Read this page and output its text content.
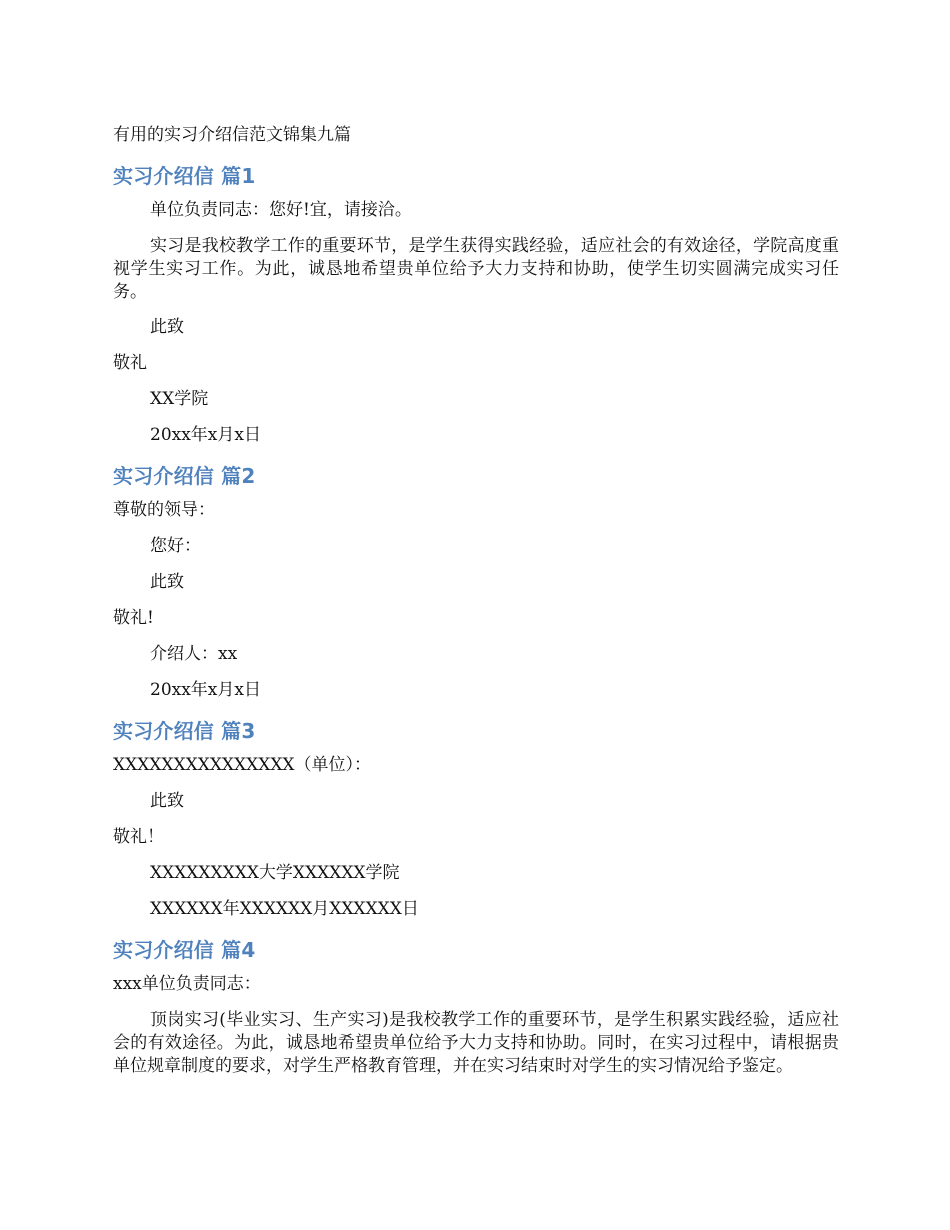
有用的实习介绍信范文锦集九篇
实习介绍信 篇1
单位负责同志：您好!宜，请接洽。
实习是我校教学工作的重要环节，是学生获得实践经验，适应社会的有效途径，学院高度重视学生实习工作。为此，诚恳地希望贵单位给予大力支持和协助，使学生切实圆满完成实习任务。
此致
敬礼
XX学院
20xx年x月x日
实习介绍信 篇2
尊敬的领导：
您好：
此致
敬礼!
介绍人：xx
20xx年x月x日
实习介绍信 篇3
XXXXXXXXXXXXXXX（单位）：
此致
敬礼！
XXXXXXXXX大学XXXXXX学院
XXXXXX年XXXXXX月XXXXXX日
实习介绍信 篇4
xxx单位负责同志：
顶岗实习(毕业实习、生产实习)是我校教学工作的重要环节，是学生积累实践经验，适应社会的有效途径。为此，诚恳地希望贵单位给予大力支持和协助。同时，在实习过程中，请根据贵单位规章制度的要求，对学生严格教育管理，并在实习结束时对学生的实习情况给予鉴定。
